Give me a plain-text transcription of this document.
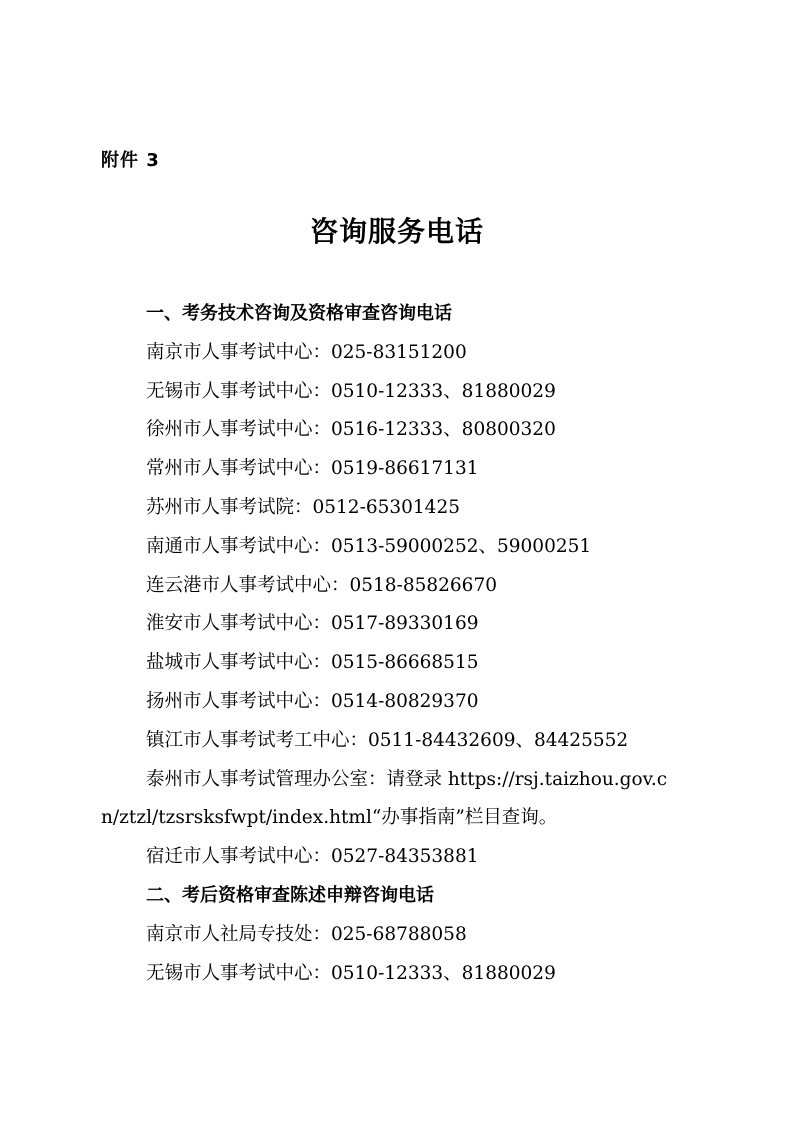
附件 3
咨询服务电话
一、考务技术咨询及资格审查咨询电话
南京市人事考试中心：025-83151200
无锡市人事考试中心：0510-12333、81880029
徐州市人事考试中心：0516-12333、80800320
常州市人事考试中心：0519-86617131
苏州市人事考试院：0512-65301425
南通市人事考试中心：0513-59000252、59000251
连云港市人事考试中心：0518-85826670
淮安市人事考试中心：0517-89330169
盐城市人事考试中心：0515-86668515
扬州市人事考试中心：0514-80829370
镇江市人事考试考工中心：0511-84432609、84425552
泰州市人事考试管理办公室：请登录 https://rsj.taizhou.gov.c
n/ztzl/tzsrsksfwpt/index.html“办事指南”栏目查询。
宿迁市人事考试中心：0527-84353881
二、考后资格审查陈述申辩咨询电话
南京市人社局专技处：025-68788058
无锡市人事考试中心：0510-12333、81880029
